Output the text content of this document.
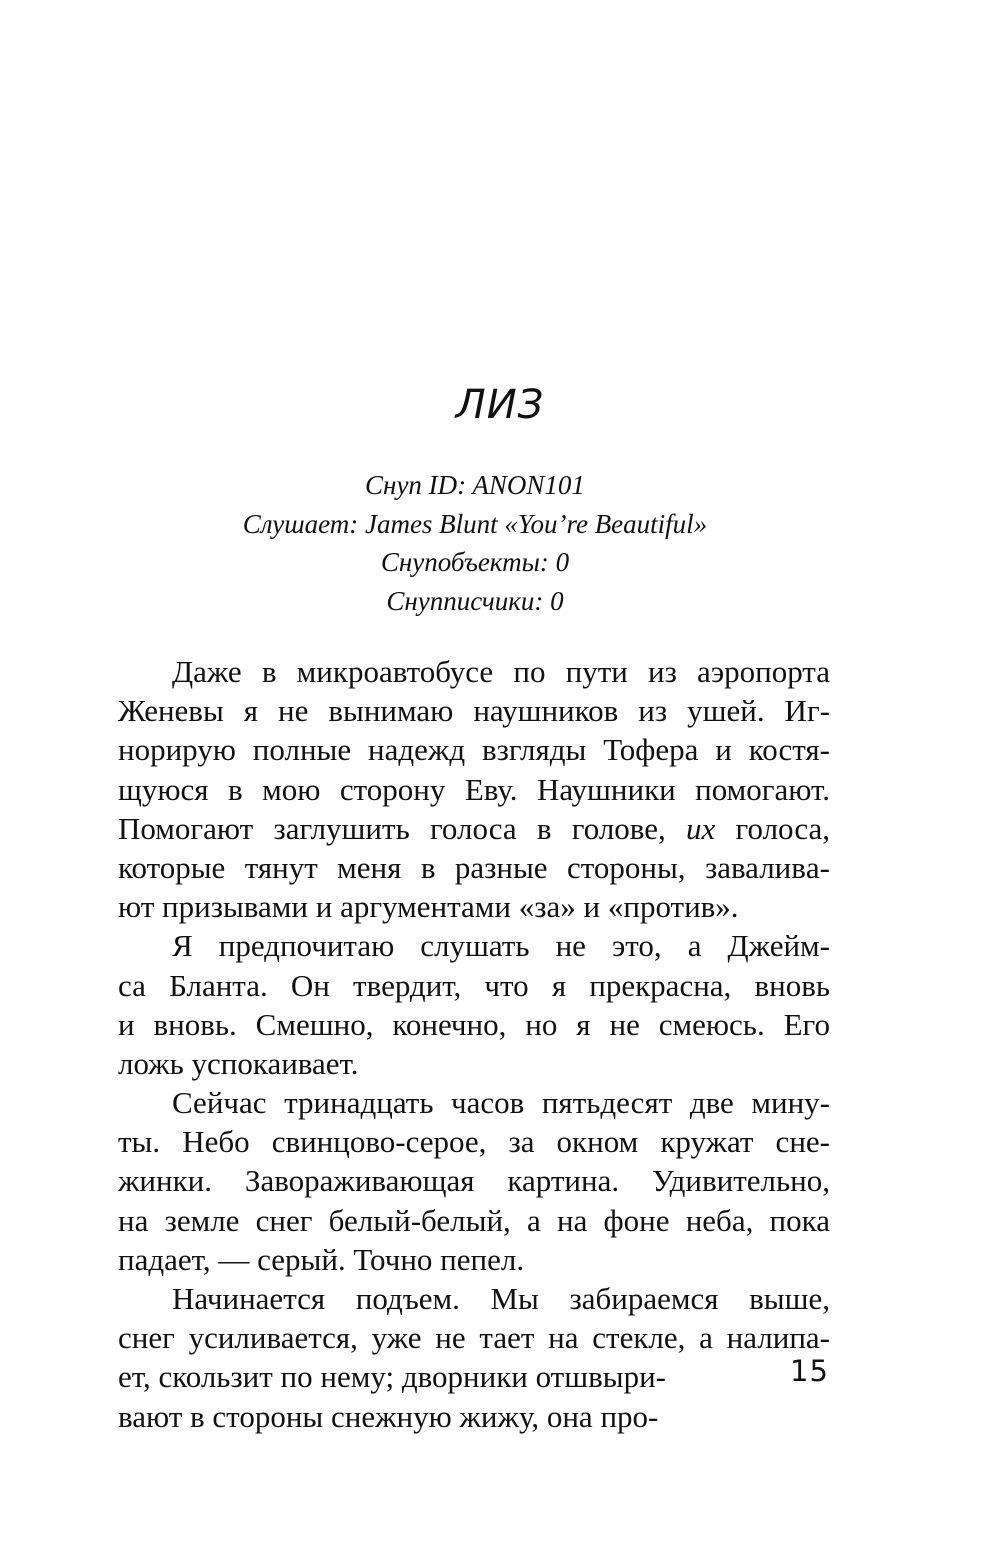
ЛИЗ
Снуп ID: ANON101
Слушает: James Blunt «You’re Beautiful»
Снупобъекты: 0
Снупписчики: 0

Даже в микроавтобусе по пути из аэропорта
Женевы я не вынимаю наушников из ушей. Иг-
норирую полные надежд взгляды Тофера и костя-
щуюся в мою сторону Еву. Наушники помогают.
Помогают заглушить голоса в голове, их голоса,
которые тянут меня в разные стороны, заваливa-
ют призывами и аргументами «за» и «против».

Я предпочитаю слушать не это, а Джейм-
са Бланта. Он твердит, что я прекрасна, вновь
и вновь. Смешно, конечно, но я не смеюсь. Его
ложь успокаивает.

Сейчас тринадцать часов пятьдесят две мину-
ты. Небо свинцово-серое, за окном кружат сне-
жинки. Завораживающая картина. Удивительно,
на земле снег белый-белый, а на фоне неба, пока
падает, — серый. Точно пепел.

Начинается подъем. Мы забираемся выше,
снег усиливается, уже не тает на стекле, а налипа-
ет, скользит по нему; дворники отшвыри-
вают в стороны снежную жижу, она про-

15
